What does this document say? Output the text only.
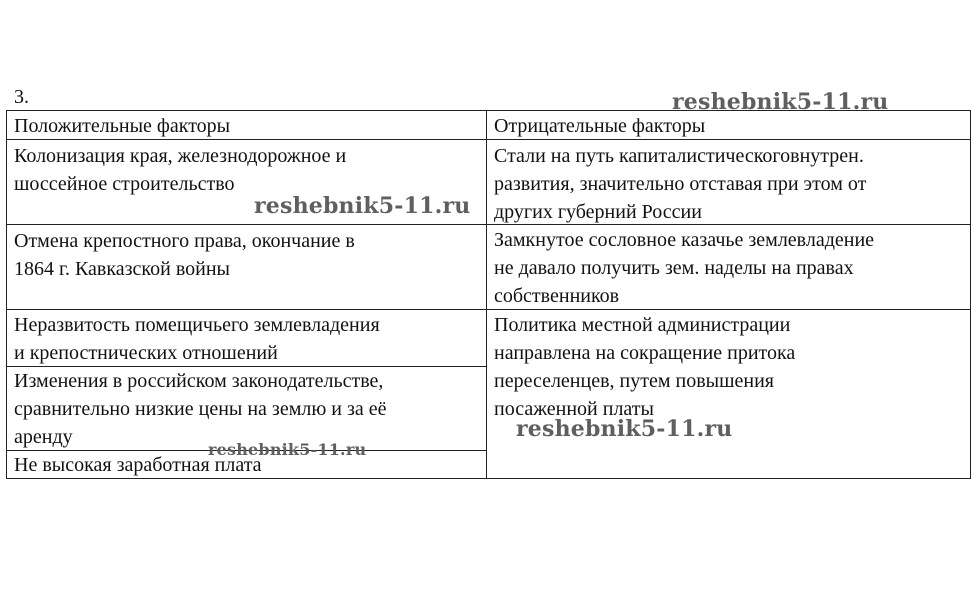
3.
Положительные факторы	Отрицательные факторы
Колонизация края, железнодорожное и
шоссейное строительство
Отмена крепостного права, окончание в
1864 г. Кавказской войны
Неразвитость помещичьего землевладения
и крепостнических отношений
Изменения в российском законодательстве,
сравнительно низкие цены на землю и за её
аренду
Не высокая заработная плата
Стали на путь капиталистическоговнутрен.
развития, значительно отставая при этом от
других губерний России
Замкнутое сословное казачье землевладение
не давало получить зем. наделы на правах
собственников
Политика местной администрации
направлена на сокращение притока
переселенцев, путем повышения
посаженной платы
reshebnik5-11.ru
reshebnik5-11.ru
reshebnik5-11.ru
reshebnik5-11.ru
